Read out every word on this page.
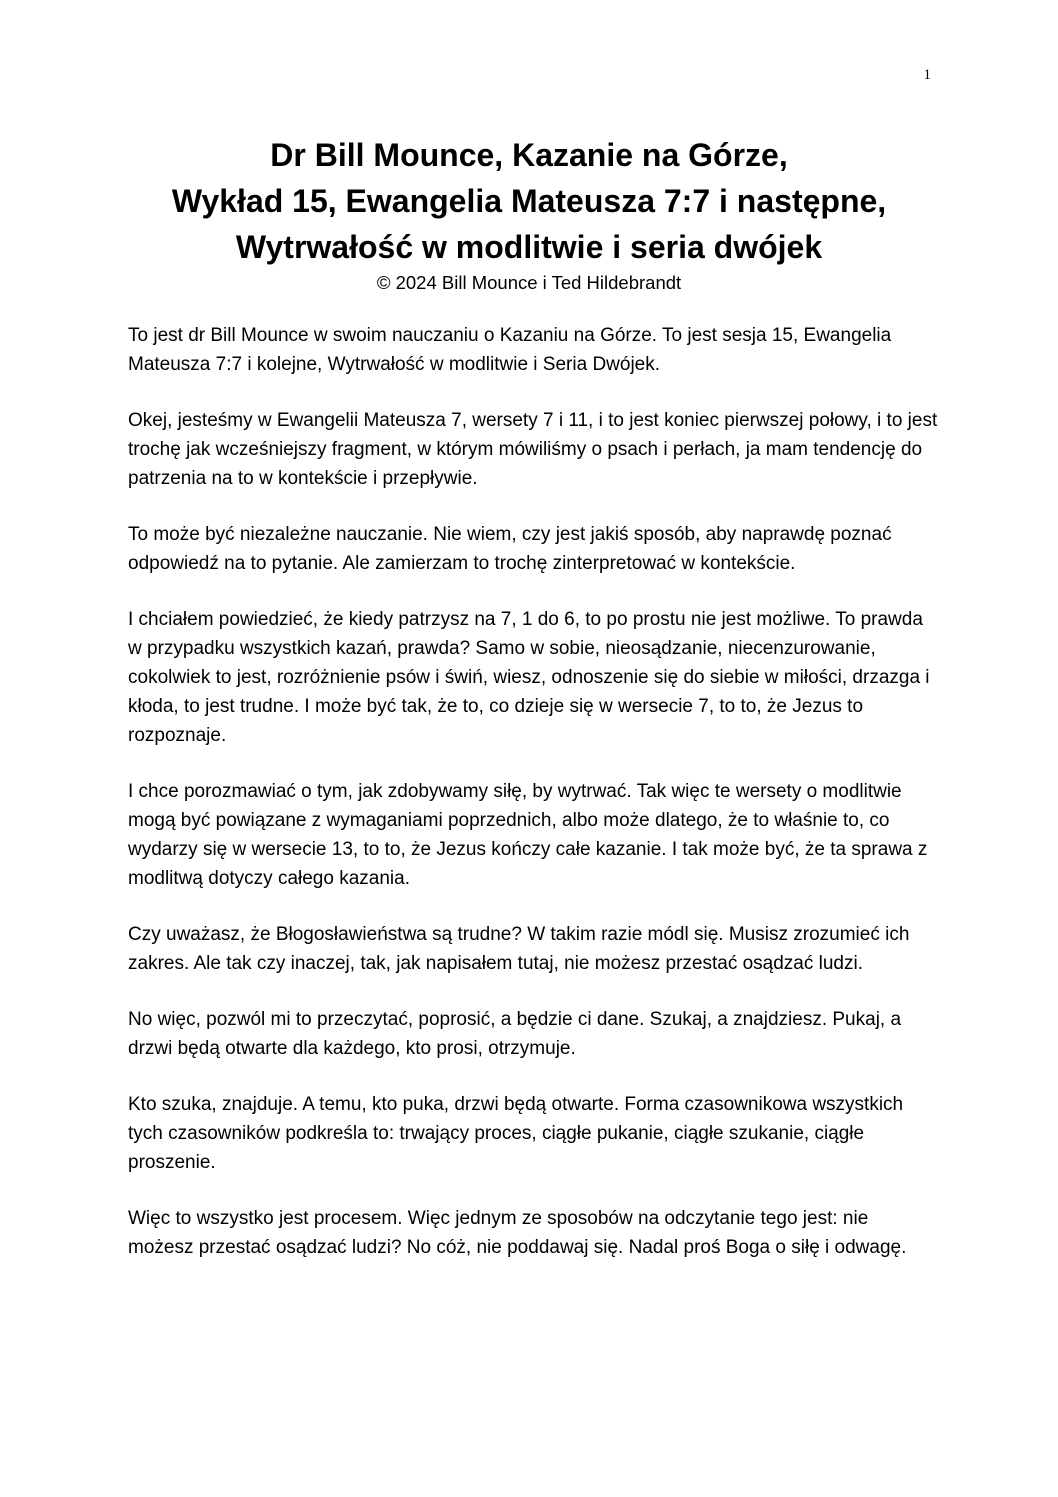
1
Dr Bill Mounce, Kazanie na Górze,
Wykład 15, Ewangelia Mateusza 7:7 i następne,
Wytrwałość w modlitwie i seria dwójek
© 2024 Bill Mounce i Ted Hildebrandt

To jest dr Bill Mounce w swoim nauczaniu o Kazaniu na Górze. To jest sesja 15, Ewangelia Mateusza 7:7 i kolejne, Wytrwałość w modlitwie i Seria Dwójek.

Okej, jesteśmy w Ewangelii Mateusza 7, wersety 7 i 11, i to jest koniec pierwszej połowy, i to jest trochę jak wcześniejszy fragment, w którym mówiliśmy o psach i perłach, ja mam tendencję do patrzenia na to w kontekście i przepływie.

To może być niezależne nauczanie. Nie wiem, czy jest jakiś sposób, aby naprawdę poznać odpowiedź na to pytanie. Ale zamierzam to trochę zinterpretować w kontekście.

I chciałem powiedzieć, że kiedy patrzysz na 7, 1 do 6, to po prostu nie jest możliwe. To prawda w przypadku wszystkich kazań, prawda? Samo w sobie, nieosądzanie, niecenzurowanie, cokolwiek to jest, rozróżnienie psów i świń, wiesz, odnoszenie się do siebie w miłości, drzazga i kłoda, to jest trudne. I może być tak, że to, co dzieje się w wersecie 7, to to, że Jezus to rozpoznaje.

I chce porozmawiać o tym, jak zdobywamy siłę, by wytrwać. Tak więc te wersety o modlitwie mogą być powiązane z wymaganiami poprzednich, albo może dlatego, że to właśnie to, co wydarzy się w wersecie 13, to to, że Jezus kończy całe kazanie. I tak może być, że ta sprawa z modlitwą dotyczy całego kazania.

Czy uważasz, że Błogosławieństwa są trudne? W takim razie módl się. Musisz zrozumieć ich zakres. Ale tak czy inaczej, tak, jak napisałem tutaj, nie możesz przestać osądzać ludzi.

No więc, pozwól mi to przeczytać, poprosić, a będzie ci dane. Szukaj, a znajdziesz. Pukaj, a drzwi będą otwarte dla każdego, kto prosi, otrzymuje.

Kto szuka, znajduje. A temu, kto puka, drzwi będą otwarte. Forma czasownikowa wszystkich tych czasowników podkreśla to: trwający proces, ciągłe pukanie, ciągłe szukanie, ciągłe proszenie.

Więc to wszystko jest procesem. Więc jednym ze sposobów na odczytanie tego jest: nie możesz przestać osądzać ludzi? No cóż, nie poddawaj się. Nadal proś Boga o siłę i odwagę.
